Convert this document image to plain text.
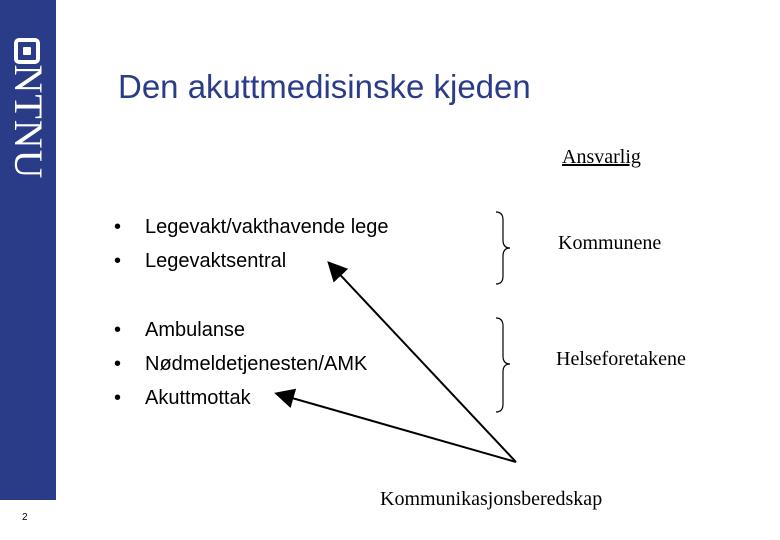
NTNU
2
Den akuttmedisinske kjeden
Ansvarlig
• Legevakt/vakthavende lege
• Legevaktsentral
• Ambulanse
• Nødmeldetjenesten/AMK
• Akuttmottak
Kommunene
Helseforetakene
Kommunikasjonsberedskap
